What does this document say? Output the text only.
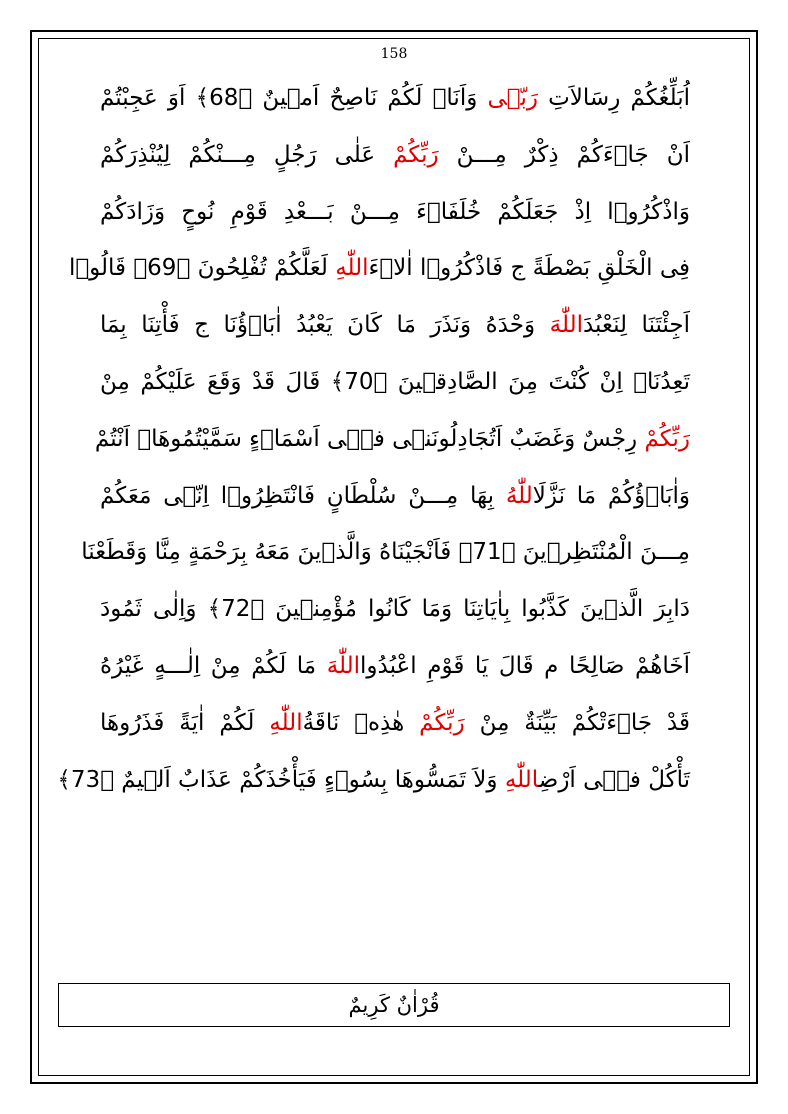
158
اُبَلِّغُكُمْ رِسَالاَتِ رَبّٖى وَاَنَا۬ لَكُمْ نَاصِحٌ اَمٖينٌ ﴿68﴾ اَوَ عَجِبْتُمْ
اَنْ جَاۤءَكُمْ ذِكْرٌ مِـــنْ رَبِّكُمْ عَلٰى رَجُلٍ مِـــنْكُمْ لِيُنْذِرَكُمْ
وَاذْكُرُوۤا اِذْ جَعَلَكُمْ خُلَفَاۤءَ مِـــنْ بَـــعْدِ قَوْمِ نُوحٍ وَزَادَكُمْ
فِى الْخَلْقِ بَصْطَةً ج فَاذْكُرُوۤا اٰلاۤءَاللّٰهِ لَعَلَّكُمْ تُفْلِحُونَ ﴿69﴾ قَالُوۤا
اَجِئْتَنَا لِنَعْبُدَاللّٰهَ وَحْدَهُ وَنَذَرَ مَا كَانَ يَعْبُدُ اٰبَاۤؤُنَا ج فَأْتِنَا بِمَا
تَعِدُنَاۤ اِنْ كُنْتَ مِنَ الصَّادِقٖينَ ﴿70﴾ قَالَ قَدْ وَقَعَ عَلَيْكُمْ مِنْ
رَبِّكُمْ رِجْسٌ وَغَضَبٌ اَتُجَادِلُونَنٖى فٖۤى اَسْمَاۤءٍ سَمَّيْتُمُوهَاۤ اَنْتُمْ
وَاٰبَاۤؤُكُمْ مَا نَزَّلَاللّٰهُ بِهَا مِـــنْ سُلْطَانٍ فَانْتَظِرُوۤا اِنّٖى مَعَكُمْ
مِـــنَ الْمُنْتَظِرٖينَ ﴿71﴾ فَاَنْجَيْنَاهُ وَالَّذٖينَ مَعَهُ بِرَحْمَةٍ مِنَّا وَقَطَعْنَا
دَابِرَ الَّذٖينَ كَذَّبُوا بِاٰيَاتِنَا وَمَا كَانُوا مُؤْمِنٖينَ ﴿72﴾ وَاِلٰى ثَمُودَ
اَخَاهُمْ صَالِحًا م قَالَ يَا قَوْمِ اعْبُدُوااللّٰهَ مَا لَكُمْ مِنْ اِلٰـــهٍ غَيْرُهُ
قَدْ جَاۤءَتْكُمْ بَيِّنَةٌ مِنْ رَبِّكُمْ هٰذِهٖ نَاقَةُاللّٰهِ لَكُمْ اٰيَةً فَذَرُوهَا
تَأْكُلْ فٖۤى اَرْضِاللّٰهِ وَلاَ تَمَسُّوهَا بِسُوۤءٍ فَيَأْخُذَكُمْ عَذَابٌ اَلٖيمٌ ﴿73﴾
قُرْاٰنٌ كَرِيمٌ
